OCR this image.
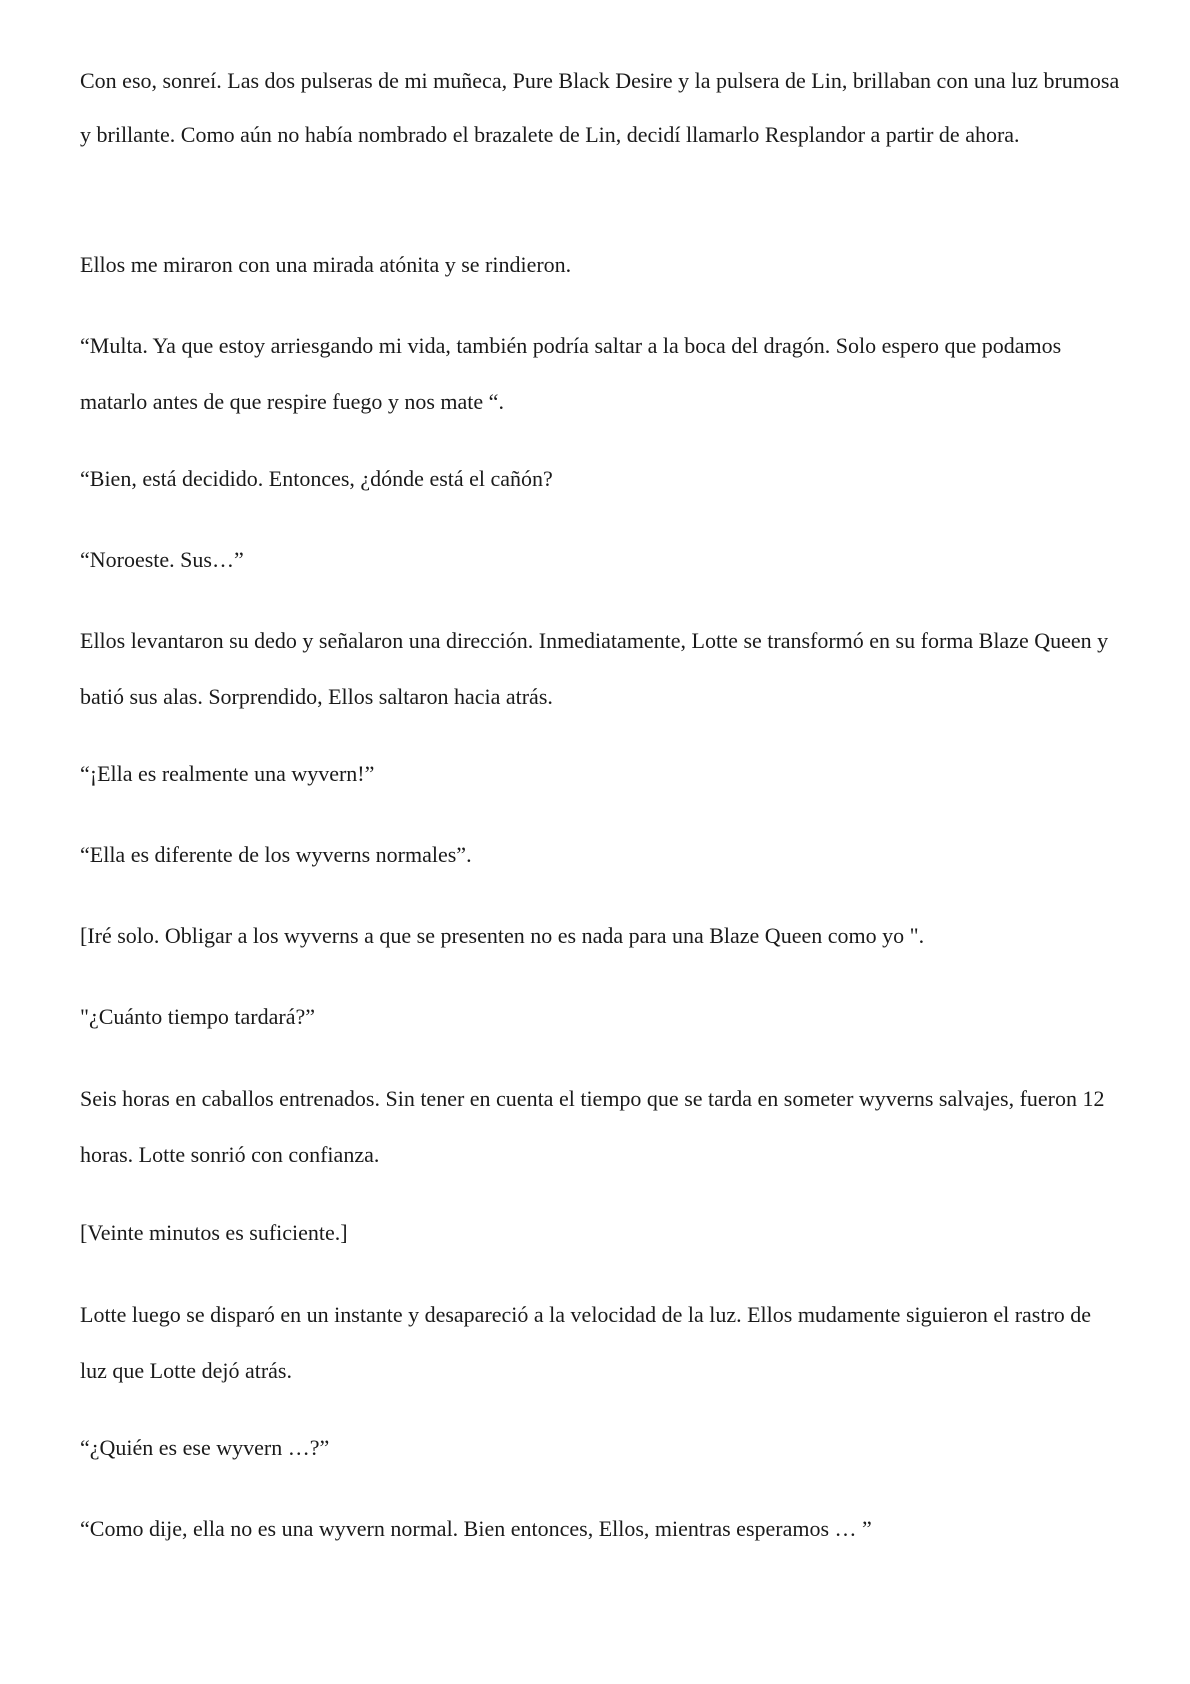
Con eso, sonreí. Las dos pulseras de mi muñeca, Pure Black Desire y la pulsera de Lin, brillaban con una luz brumosa y brillante. Como aún no había nombrado el brazalete de Lin, decidí llamarlo Resplandor a partir de ahora.

Ellos me miraron con una mirada atónita y se rindieron.

“Multa. Ya que estoy arriesgando mi vida, también podría saltar a la boca del dragón. Solo espero que podamos matarlo antes de que respire fuego y nos mate “.

“Bien, está decidido. Entonces, ¿dónde está el cañón?

“Noroeste. Sus…”

Ellos levantaron su dedo y señalaron una dirección. Inmediatamente, Lotte se transformó en su forma Blaze Queen y batió sus alas. Sorprendido, Ellos saltaron hacia atrás.

“¡Ella es realmente una wyvern!”

“Ella es diferente de los wyverns normales”.

[Iré solo. Obligar a los wyverns a que se presenten no es nada para una Blaze Queen como yo ".

"¿Cuánto tiempo tardará?”

Seis horas en caballos entrenados. Sin tener en cuenta el tiempo que se tarda en someter wyverns salvajes, fueron 12 horas. Lotte sonrió con confianza.

[Veinte minutos es suficiente.]

Lotte luego se disparó en un instante y desapareció a la velocidad de la luz. Ellos mudamente siguieron el rastro de luz que Lotte dejó atrás.

“¿Quién es ese wyvern …?”

“Como dije, ella no es una wyvern normal. Bien entonces, Ellos, mientras esperamos … ”
